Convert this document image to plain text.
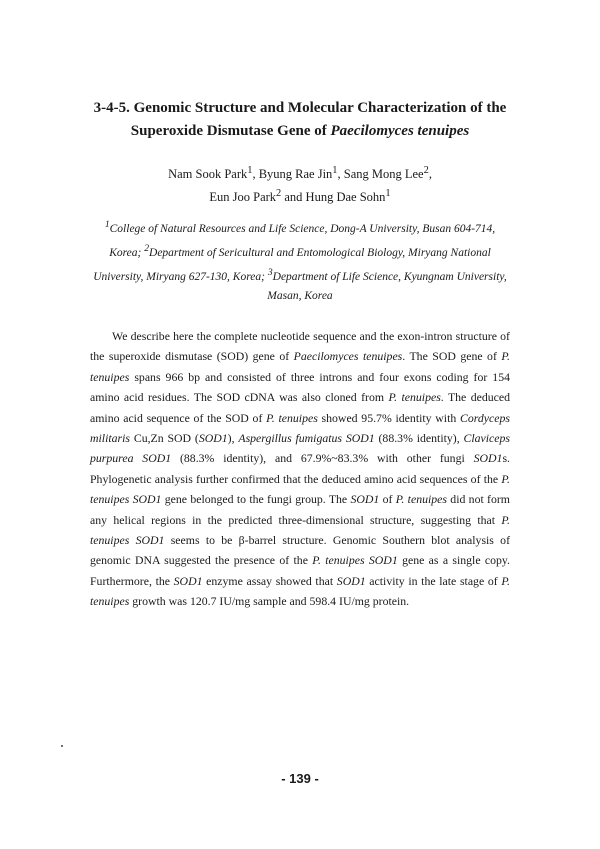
3-4-5. Genomic Structure and Molecular Characterization of the
Superoxide Dismutase Gene of Paecilomyces tenuipes
Nam Sook Park$^1$, Byung Rae Jin$^1$, Sang Mong Lee$^2$,
Eun Joo Park$^2$ and Hung Dae Sohn$^1$
$^1$College of Natural Resources and Life Science, Dong-A University, Busan 604-714, Korea; $^2$Department of Sericultural and Entomological Biology, Miryang National University, Miryang 627-130, Korea; $^3$Department of Life Science, Kyungnam University, Masan, Korea

We describe here the complete nucleotide sequence and the exon-intron structure of the superoxide dismutase (SOD) gene of Paecilomyces tenuipes. The SOD gene of P. tenuipes spans 966 bp and consisted of three introns and four exons coding for 154 amino acid residues. The SOD cDNA was also cloned from P. tenuipes. The deduced amino acid sequence of the SOD of P. tenuipes showed 95.7% identity with Cordyceps militaris Cu,Zn SOD (SOD1), Aspergillus fumigatus SOD1 (88.3% identity), Claviceps purpurea SOD1 (88.3% identity), and 67.9%~83.3% with other fungi SOD1s. Phylogenetic analysis further confirmed that the deduced amino acid sequences of the P. tenuipes SOD1 gene belonged to the fungi group. The SOD1 of P. tenuipes did not form any helical regions in the predicted three-dimensional structure, suggesting that P. tenuipes SOD1 seems to be β-barrel structure. Genomic Southern blot analysis of genomic DNA suggested the presence of the P. tenuipes SOD1 gene as a single copy. Furthermore, the SOD1 enzyme assay showed that SOD1 activity in the late stage of P. tenuipes growth was 120.7 IU/mg sample and 598.4 IU/mg protein.

- 139 -
